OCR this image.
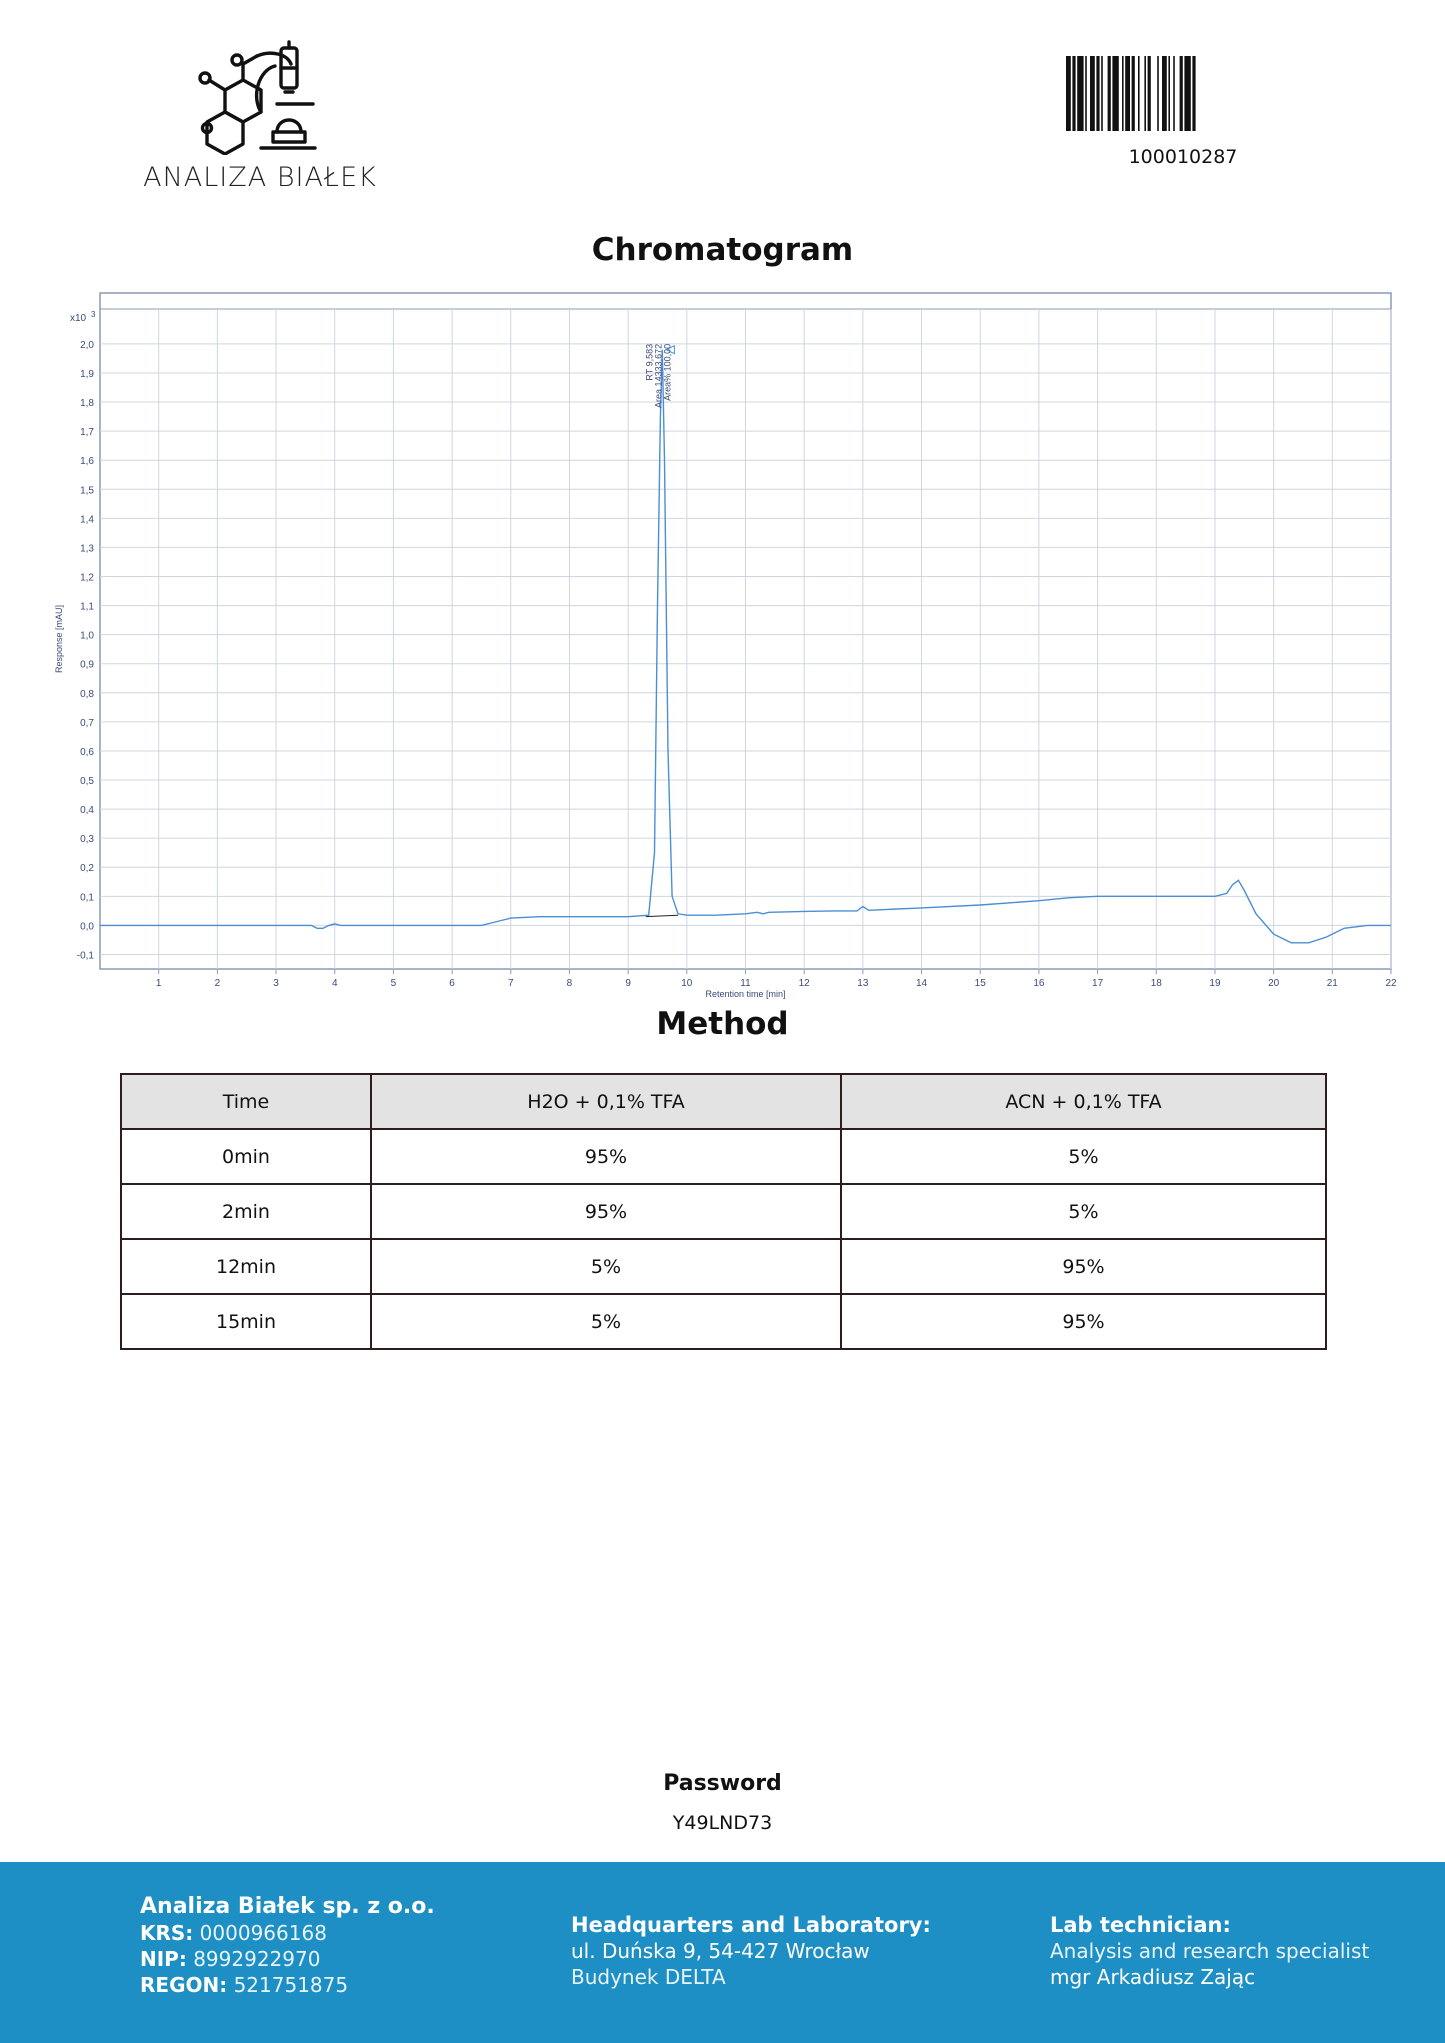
ANALIZA BIAŁEK
100010287
Chromatogram
2,0
1,9
1,8
1,7
1,6
1,5
1,4
1,3
1,2
1,1
1,0
0,9
0,8
0,7
0,6
0,5
0,4
0,3
0,2
0,1
0,0
-0,1
1	2	3	4	5	6	7	8	9	10	11	12	13	14	15	16	17	18	19	20	21	22
x10 3
Retention time [min]
Response [mAU]
RT 9,583 Area 14333,672 Area% 100,00
Method
Time	H2O + 0,1% TFA	ACN + 0,1% TFA
0min	95%	5%
2min	95%	5%
12min	5%	95%
15min	5%	95%
Password
Y49LND73
Analiza Białek sp. z o.o.
KRS: 0000966168
NIP: 8992922970
REGON: 521751875
Headquarters and Laboratory:
ul. Duńska 9, 54-427 Wrocław
Budynek DELTA
Lab technician:
Analysis and research specialist
mgr Arkadiusz Zając
